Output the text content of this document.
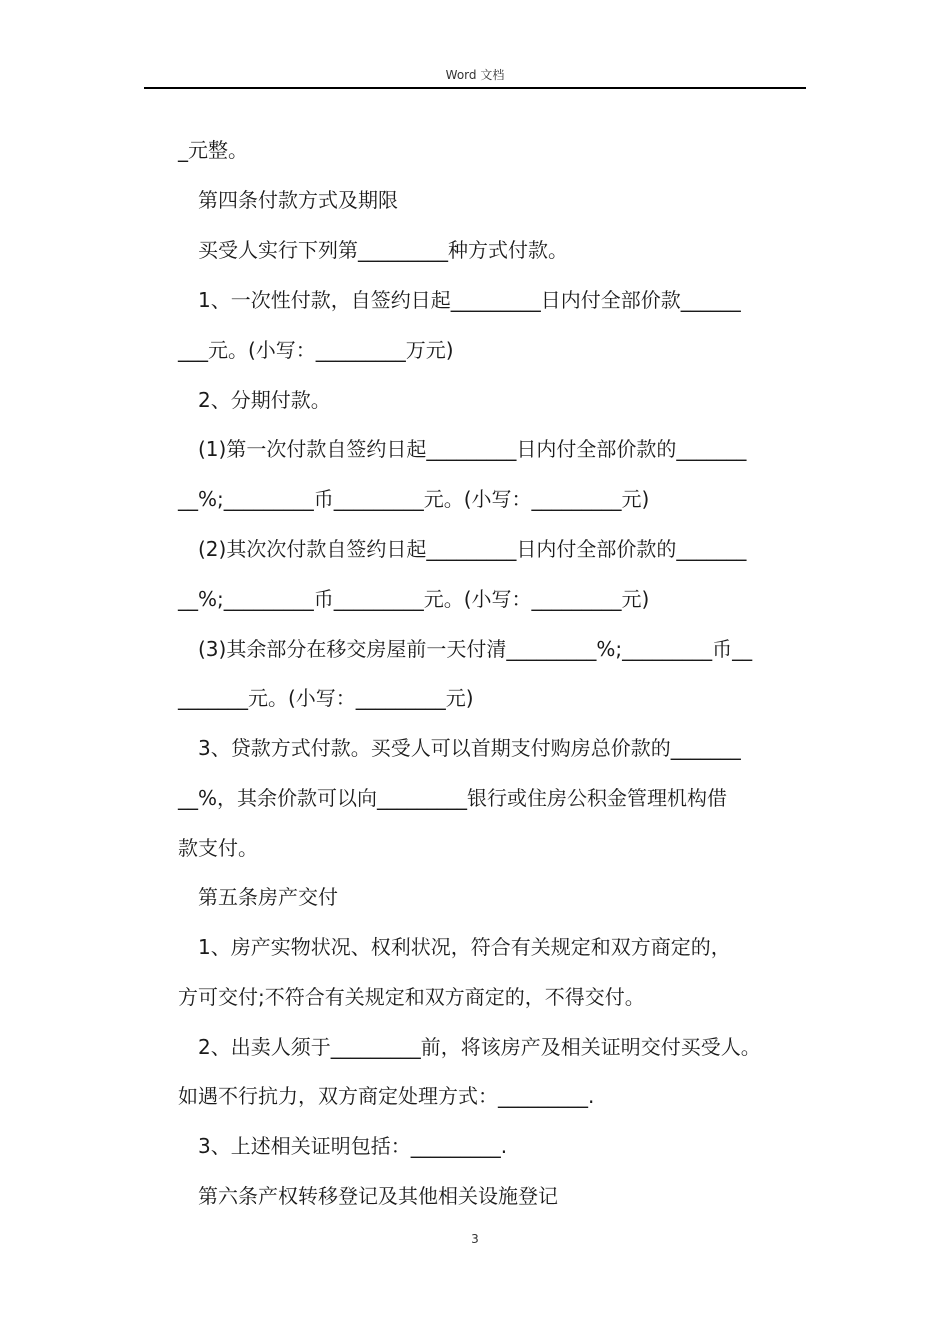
Word 文档
_元整。
第四条付款方式及期限
买受人实行下列第_________种方式付款。
1、一次性付款，自签约日起_________日内付全部价款______
___元。(小写：_________万元)
2、分期付款。
(1)第一次付款自签约日起_________日内付全部价款的_______
__%;_________币_________元。(小写：_________元)
(2)其次次付款自签约日起_________日内付全部价款的_______
__%;_________币_________元。(小写：_________元)
(3)其余部分在移交房屋前一天付清_________%;_________币__
_______元。(小写：_________元)
3、贷款方式付款。买受人可以首期支付购房总价款的_______
__%，其余价款可以向_________银行或住房公积金管理机构借
款支付。
第五条房产交付
1、房产实物状况、权利状况，符合有关规定和双方商定的，
方可交付;不符合有关规定和双方商定的，不得交付。
2、出卖人须于_________前，将该房产及相关证明交付买受人。
如遇不行抗力，双方商定处理方式：_________.
3、上述相关证明包括：_________.
第六条产权转移登记及其他相关设施登记
3
